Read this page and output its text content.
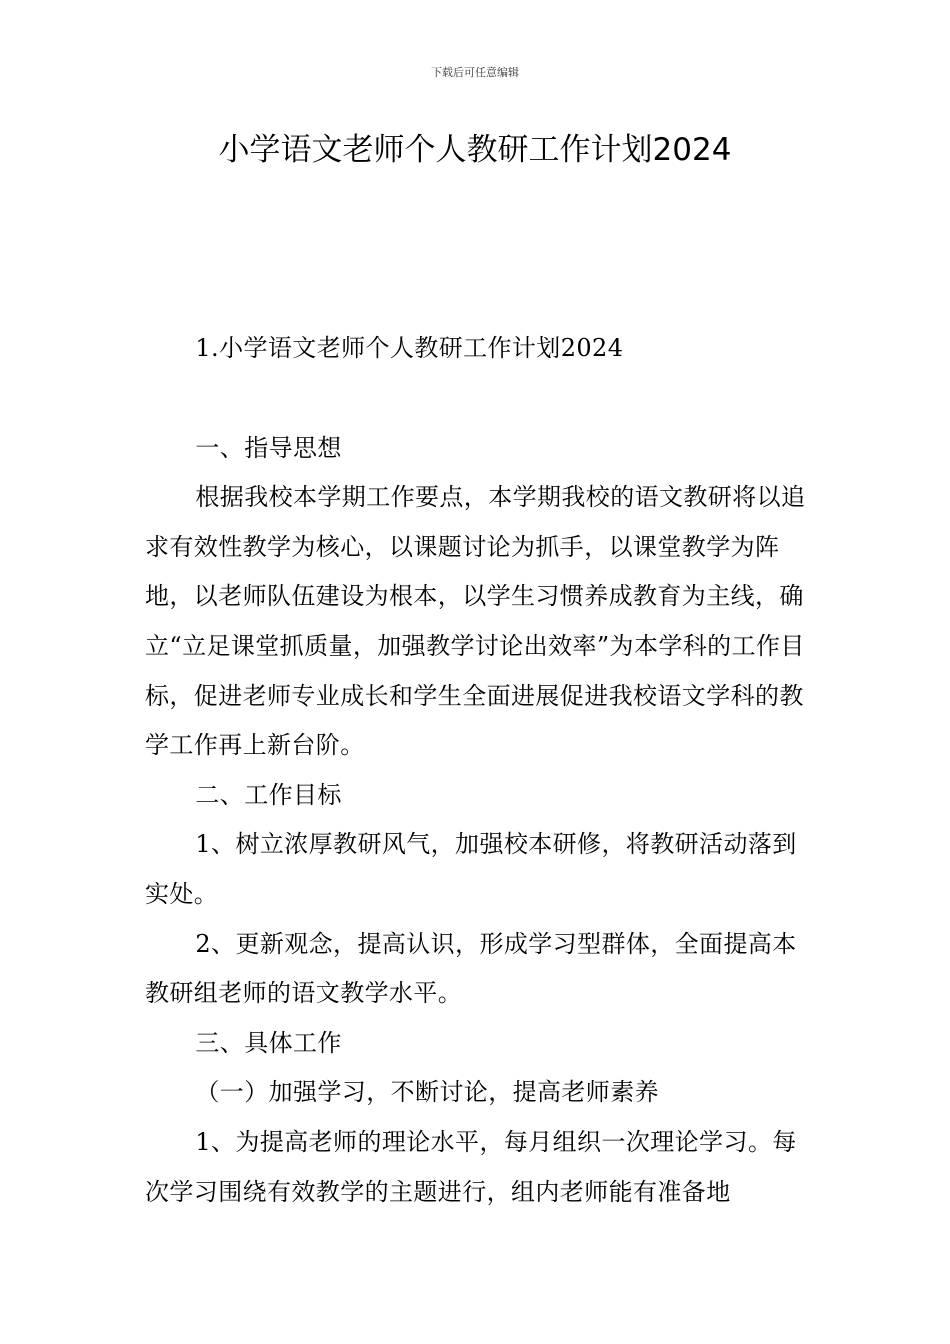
下载后可任意编辑
小学语文老师个人教研工作计划2024

1.小学语文老师个人教研工作计划2024

一、指导思想

根据我校本学期工作要点，本学期我校的语文教研将以追求有效性教学为核心，以课题讨论为抓手，以课堂教学为阵地，以老师队伍建设为根本，以学生习惯养成教育为主线，确立“立足课堂抓质量，加强教学讨论出效率”为本学科的工作目标，促进老师专业成长和学生全面进展促进我校语文学科的教学工作再上新台阶。

二、工作目标

1、树立浓厚教研风气，加强校本研修，将教研活动落到实处。

2、更新观念，提高认识，形成学习型群体，全面提高本教研组老师的语文教学水平。

三、具体工作

（一）加强学习，不断讨论，提高老师素养

1、为提高老师的理论水平，每月组织一次理论学习。每次学习围绕有效教学的主题进行，组内老师能有准备地
